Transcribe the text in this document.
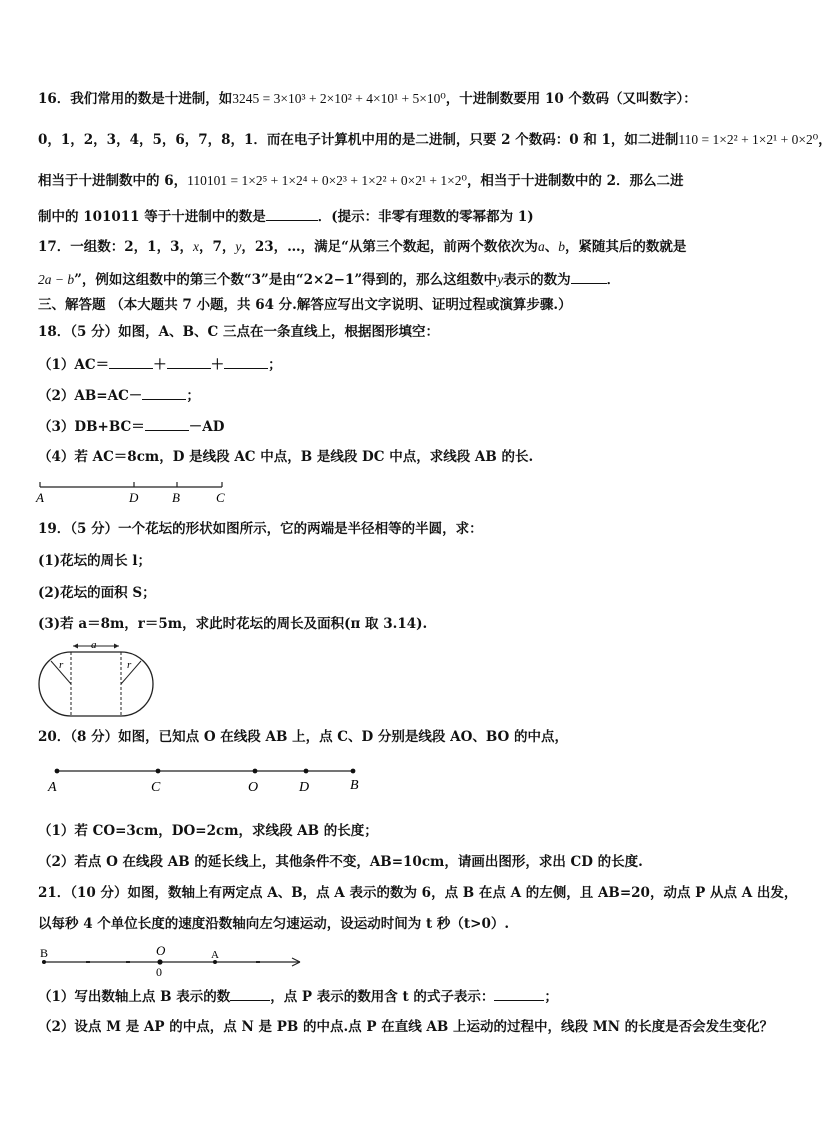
16．我们常用的数是十进制，如3245 = 3×10³ + 2×10² + 4×10¹ + 5×10⁰，十进制数要用 10 个数码（又叫数字）：
0，1，2，3，4，5，6，7，8，1．而在电子计算机中用的是二进制，只要 2 个数码：0 和 1，如二进制110 = 1×2² + 1×2¹ + 0×2⁰，
相当于十进制数中的 6，110101 = 1×2⁵ + 1×2⁴ + 0×2³ + 1×2² + 0×2¹ + 1×2⁰，相当于十进制数中的 2．那么二进
制中的 101011 等于十进制中的数是	．(提示：非零有理数的零幂都为 1)
17．一组数：2，1，3，x，7，y，23，…，满足“从第三个数起，前两个数依次为a、b，紧随其后的数就是
2a − b”，例如这组数中的第三个数“3”是由“2×2−1”得到的，那么这组数中y表示的数为	．
三、解答题 （本大题共 7 小题，共 64 分.解答应写出文字说明、证明过程或演算步骤.）
18．（5 分）如图，A、B、C 三点在一条直线上，根据图形填空：
（1）AC＝	＋	＋	；
（2）AB=AC－	；
（3）DB+BC＝	－AD
（4）若 AC＝8cm，D 是线段 AC 中点，B 是线段 DC 中点，求线段 AB 的长.
A	D	B	C
19．（5 分）一个花坛的形状如图所示，它的两端是半径相等的半圆，求：
(1)花坛的周长 l；
(2)花坛的面积 S；
(3)若 a＝8m，r＝5m，求此时花坛的周长及面积(π 取 3.14).
a
r	r
20．（8 分）如图，已知点 O 在线段 AB 上，点 C、D 分别是线段 AO、BO 的中点，
A	C	O	D	B
（1）若 CO=3cm，DO=2cm，求线段 AB 的长度；
（2）若点 O 在线段 AB 的延长线上，其他条件不变，AB=10cm，请画出图形，求出 CD 的长度.
21．（10 分）如图，数轴上有两定点 A、B，点 A 表示的数为 6，点 B 在点 A 的左侧，且 AB=20，动点 P 从点 A 出发，
以每秒 4 个单位长度的速度沿数轴向左匀速运动，设运动时间为 t 秒（t>0）.
B	O	A
0
（1）写出数轴上点 B 表示的数	，点 P 表示的数用含 t 的式子表示：	；
（2）设点 M 是 AP 的中点，点 N 是 PB 的中点.点 P 在直线 AB 上运动的过程中，线段 MN 的长度是否会发生变化？
